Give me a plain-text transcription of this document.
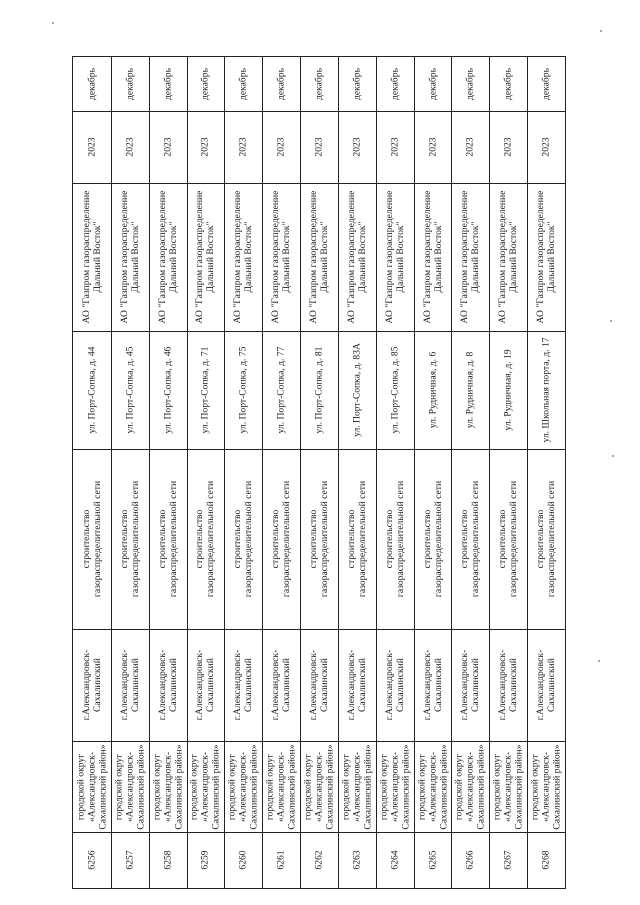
6256
городской округ
«Александровск-
Сахалинский район»
г.Александровск-
Сахалинский
строительство
газораспределительной сети
ул. Порт-Сопка, д. 44
АО "Газпром газораспределение
Дальний Восток"
2023
декабрь
6257
городской округ
«Александровск-
Сахалинский район»
г.Александровск-
Сахалинский
строительство
газораспределительной сети
ул. Порт-Сопка, д. 45
АО "Газпром газораспределение
Дальний Восток"
2023
декабрь
6258
городской округ
«Александровск-
Сахалинский район»
г.Александровск-
Сахалинский
строительство
газораспределительной сети
ул. Порт-Сопка, д. 46
АО "Газпром газораспределение
Дальний Восток"
2023
декабрь
6259
городской округ
«Александровск-
Сахалинский район»
г.Александровск-
Сахалинский
строительство
газораспределительной сети
ул. Порт-Сопка, д. 71
АО "Газпром газораспределение
Дальний Восток"
2023
декабрь
6260
городской округ
«Александровск-
Сахалинский район»
г.Александровск-
Сахалинский
строительство
газораспределительной сети
ул. Порт-Сопка, д. 75
АО "Газпром газораспределение
Дальний Восток"
2023
декабрь
6261
городской округ
«Александровск-
Сахалинский район»
г.Александровск-
Сахалинский
строительство
газораспределительной сети
ул. Порт-Сопка, д. 77
АО "Газпром газораспределение
Дальний Восток"
2023
декабрь
6262
городской округ
«Александровск-
Сахалинский район»
г.Александровск-
Сахалинский
строительство
газораспределительной сети
ул. Порт-Сопка, д. 81
АО "Газпром газораспределение
Дальний Восток"
2023
декабрь
6263
городской округ
«Александровск-
Сахалинский район»
г.Александровск-
Сахалинский
строительство
газораспределительной сети
ул. Порт-Сопка, д. 83А
АО "Газпром газораспределение
Дальний Восток"
2023
декабрь
6264
городской округ
«Александровск-
Сахалинский район»
г.Александровск-
Сахалинский
строительство
газораспределительной сети
ул. Порт-Сопка, д. 85
АО "Газпром газораспределение
Дальний Восток"
2023
декабрь
6265
городской округ
«Александровск-
Сахалинский район»
г.Александровск-
Сахалинский
строительство
газораспределительной сети
ул. Рудничная, д. 6
АО "Газпром газораспределение
Дальний Восток"
2023
декабрь
6266
городской округ
«Александровск-
Сахалинский район»
г.Александровск-
Сахалинский
строительство
газораспределительной сети
ул. Рудничная, д. 8
АО "Газпром газораспределение
Дальний Восток"
2023
декабрь
6267
городской округ
«Александровск-
Сахалинский район»
г.Александровск-
Сахалинский
строительство
газораспределительной сети
ул. Рудничная, д. 19
АО "Газпром газораспределение
Дальний Восток"
2023
декабрь
6268
городской округ
«Александровск-
Сахалинский район»
г.Александровск-
Сахалинский
строительство
газораспределительной сети
ул. Школьная порта, д. 17
АО "Газпром газораспределение
Дальний Восток"
2023
декабрь
